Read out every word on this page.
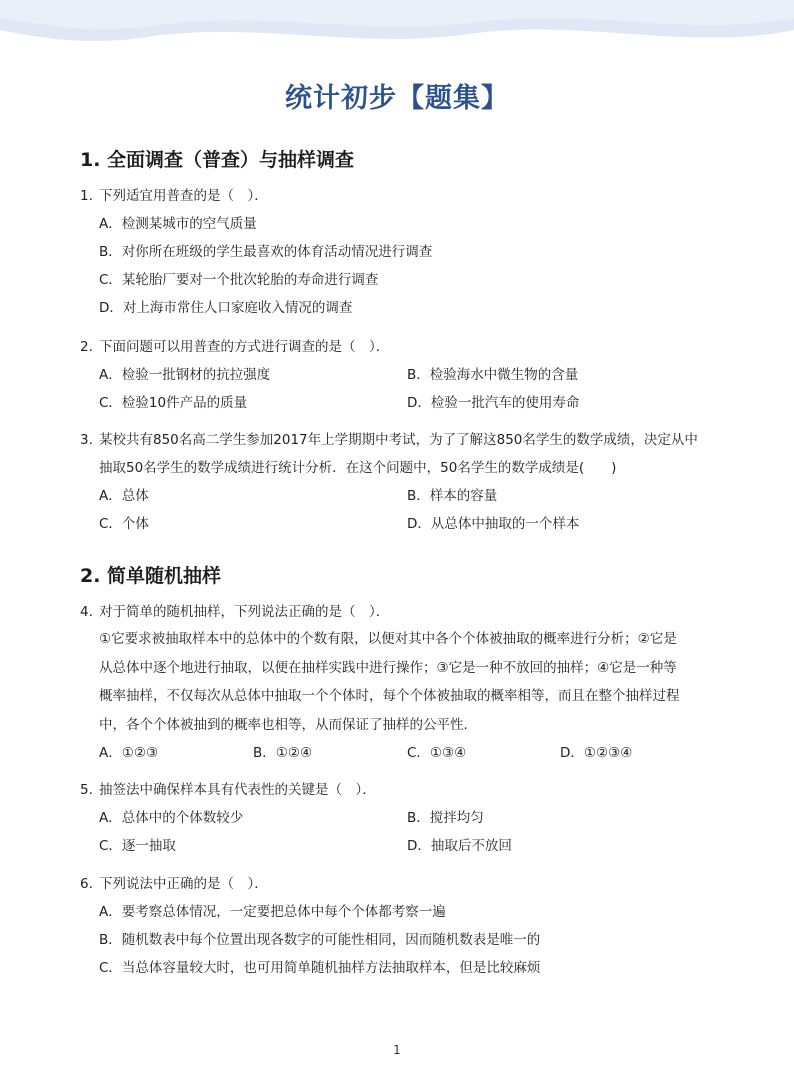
统计初步【题集】
1. 全面调查（普查）与抽样调查
1. 下列适宜用普查的是（　）．
A．检测某城市的空气质量
B．对你所在班级的学生最喜欢的体育活动情况进行调查
C．某轮胎厂要对一个批次轮胎的寿命进行调查
D．对上海市常住人口家庭收入情况的调查
2. 下面问题可以用普查的方式进行调查的是（　）．
A．检验一批钢材的抗拉强度	B．检验海水中微生物的含量
C．检验10件产品的质量	D．检验一批汽车的使用寿命
3. 某校共有850名高二学生参加2017年上学期期中考试，为了了解这850名学生的数学成绩，决定从中
抽取50名学生的数学成绩进行统计分析．在这个问题中，50名学生的数学成绩是(　　)
A．总体	B．样本的容量
C．个体	D．从总体中抽取的一个样本
2. 简单随机抽样
4. 对于简单的随机抽样，下列说法正确的是（　）．
①它要求被抽取样本中的总体中的个数有限，以便对其中各个个体被抽取的概率进行分析；②它是
从总体中逐个地进行抽取，以便在抽样实践中进行操作；③它是一种不放回的抽样；④它是一种等
概率抽样，不仅每次从总体中抽取一个个体时，每个个体被抽取的概率相等，而且在整个抽样过程
中，各个个体被抽到的概率也相等，从而保证了抽样的公平性．
A．①②③	B．①②④	C．①③④	D．①②③④
5. 抽签法中确保样本具有代表性的关键是（　）．
A．总体中的个体数较少	B．搅拌均匀
C．逐一抽取	D．抽取后不放回
6. 下列说法中正确的是（　）．
A．要考察总体情况，一定要把总体中每个个体都考察一遍
B．随机数表中每个位置出现各数字的可能性相同，因而随机数表是唯一的
C．当总体容量较大时，也可用简单随机抽样方法抽取样本，但是比较麻烦
1
